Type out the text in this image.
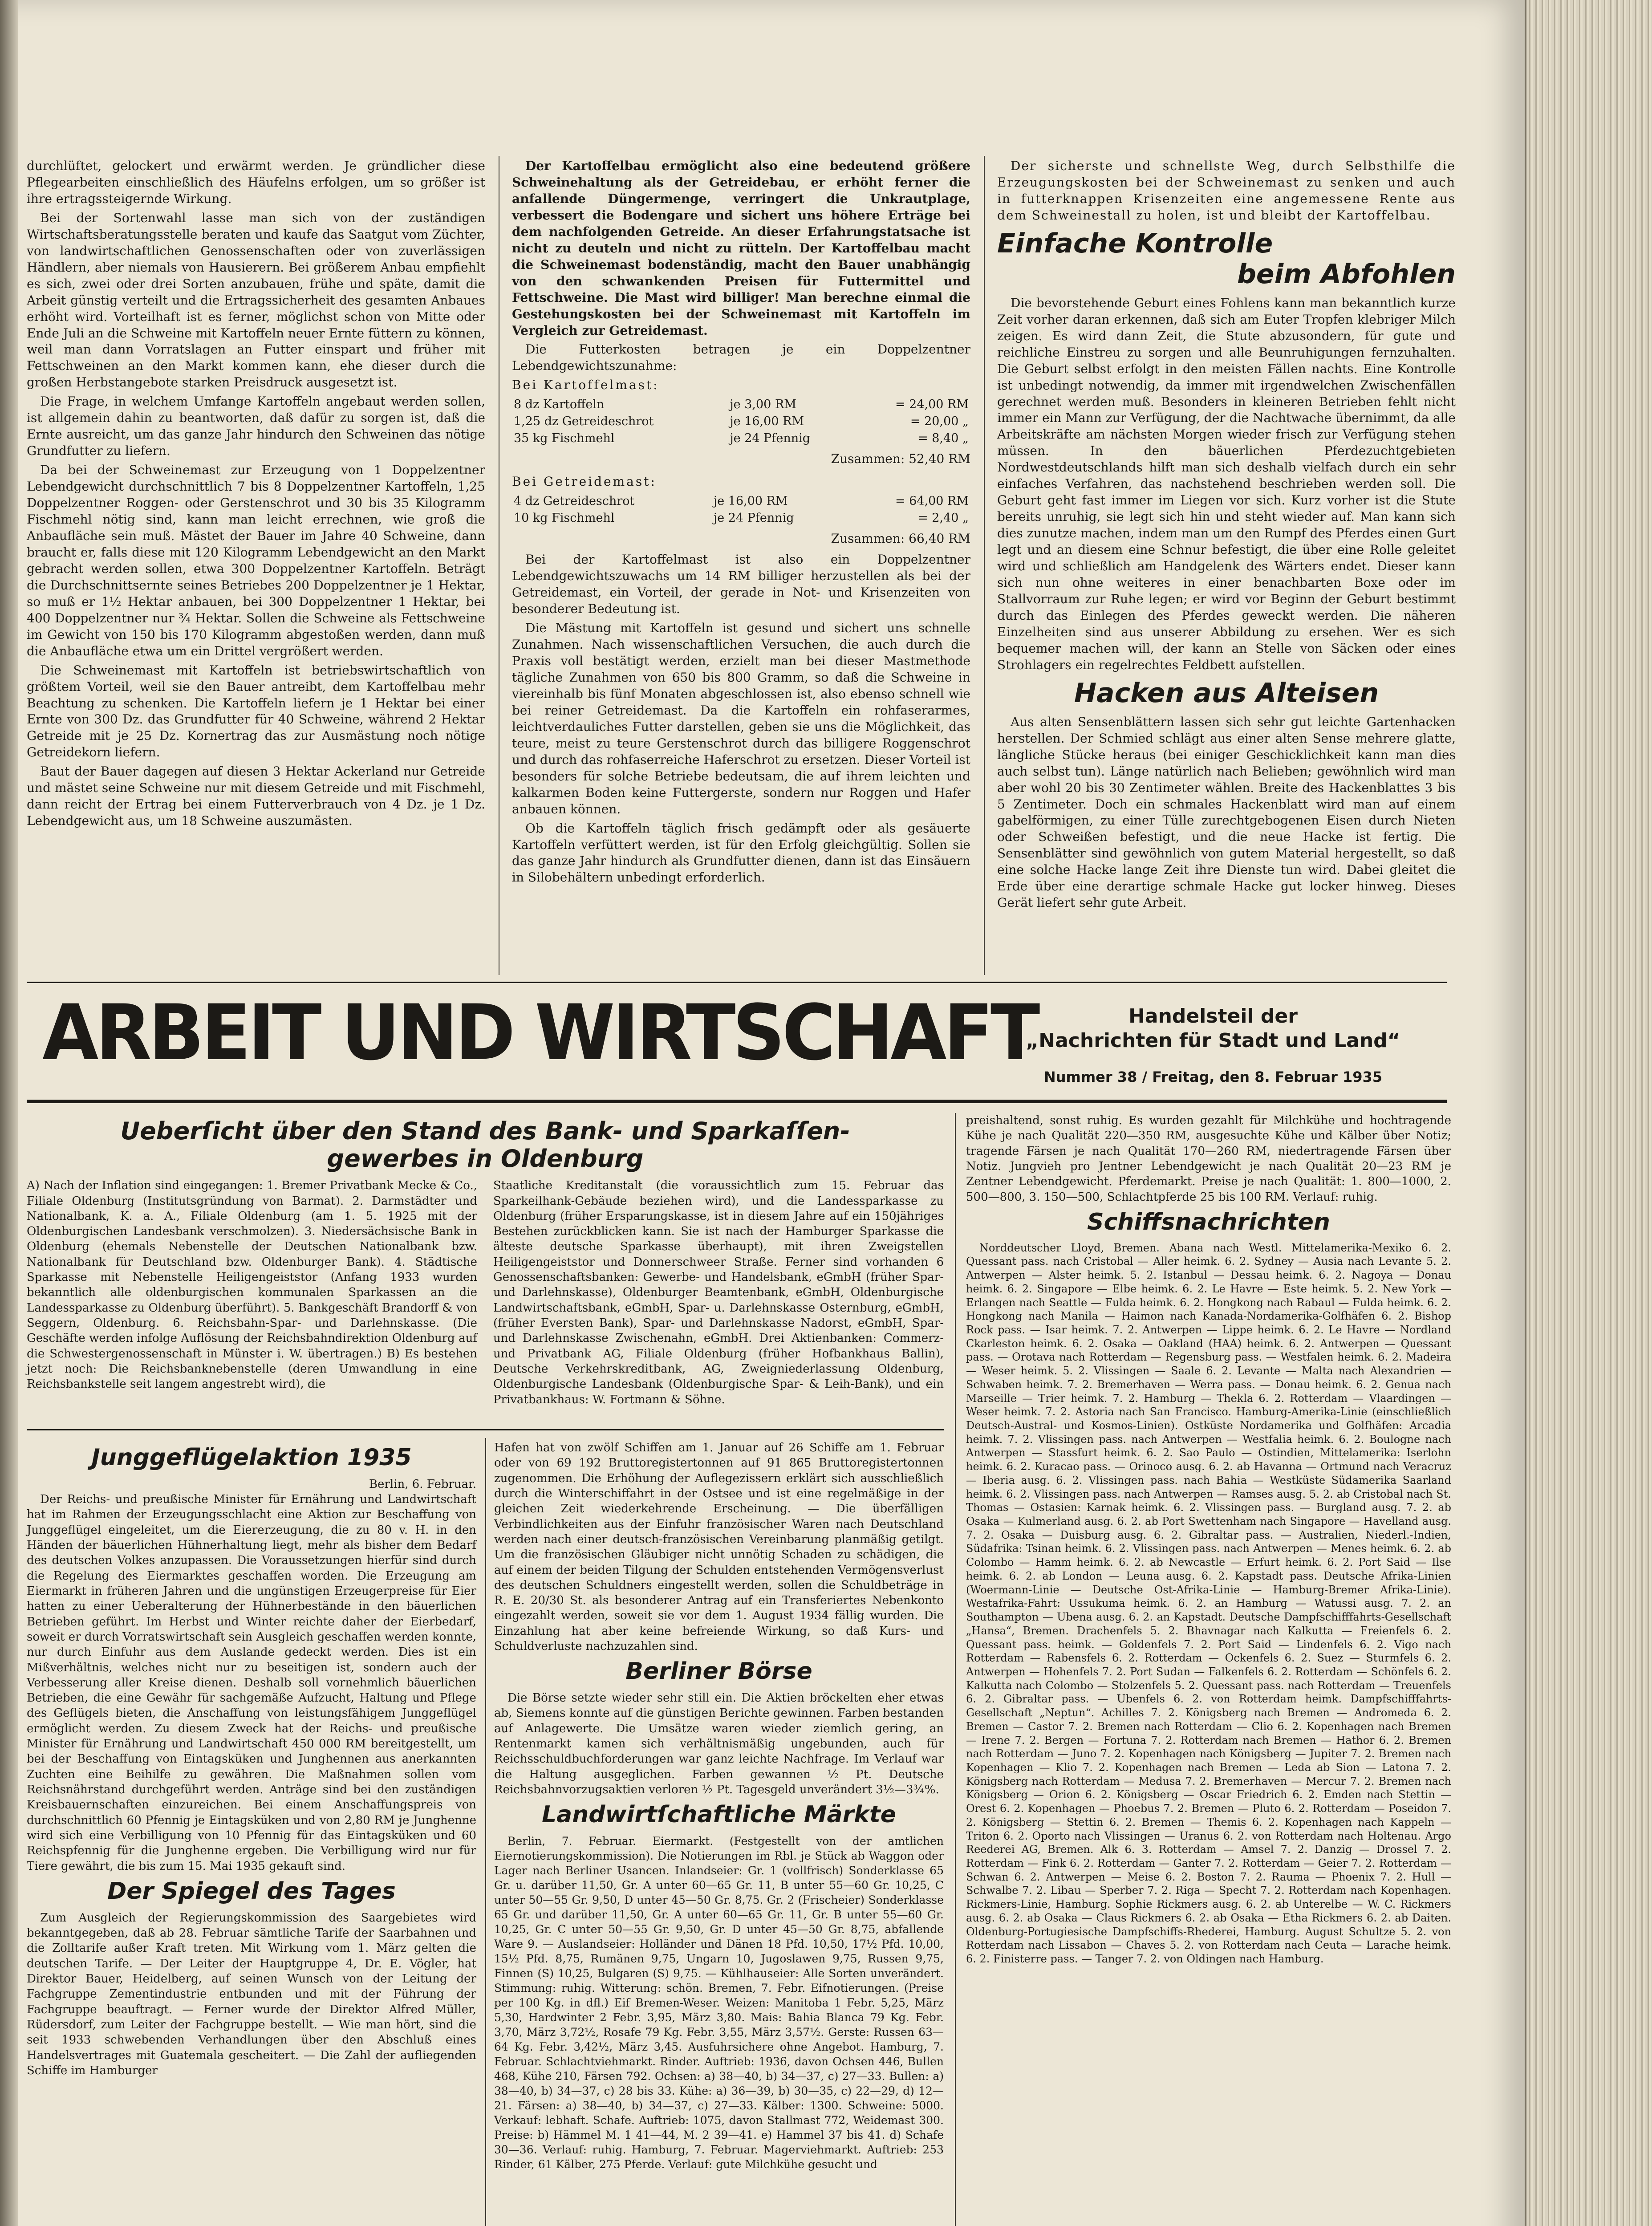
durchlüftet, gelockert und erwärmt werden. Je gründlicher diese Pflegearbeiten einschließlich des Häufelns erfolgen, um so größer ist ihre ertragssteigernde Wirkung.

Bei der Sortenwahl lasse man sich von der zuständigen Wirtschaftsberatungsstelle beraten und kaufe das Saatgut vom Züchter, von landwirtschaftlichen Genossenschaften oder von zuverlässigen Händlern, aber niemals von Hausierern. Bei größerem Anbau empfiehlt es sich, zwei oder drei Sorten anzubauen, frühe und späte, damit die Arbeit günstig verteilt und die Ertragssicherheit des gesamten Anbaues erhöht wird. Vorteilhaft ist es ferner, möglichst schon von Mitte oder Ende Juli an die Schweine mit Kartoffeln neuer Ernte füttern zu können, weil man dann Vorratslagen an Futter einspart und früher mit Fettschweinen an den Markt kommen kann, ehe dieser durch die großen Herbstangebote starken Preisdruck ausgesetzt ist.

Die Frage, in welchem Umfange Kartoffeln angebaut werden sollen, ist allgemein dahin zu beantworten, daß dafür zu sorgen ist, daß die Ernte ausreicht, um das ganze Jahr hindurch den Schweinen das nötige Grundfutter zu liefern.

Da bei der Schweinemast zur Erzeugung von 1 Doppelzentner Lebendgewicht durchschnittlich 7 bis 8 Doppelzentner Kartoffeln, 1,25 Doppelzentner Roggen- oder Gerstenschrot und 30 bis 35 Kilogramm Fischmehl nötig sind, kann man leicht errechnen, wie groß die Anbaufläche sein muß. Mästet der Bauer im Jahre 40 Schweine, dann braucht er, falls diese mit 120 Kilogramm Lebendgewicht an den Markt gebracht werden sollen, etwa 300 Doppelzentner Kartoffeln. Beträgt die Durchschnittsernte seines Betriebes 200 Doppelzentner je 1 Hektar, so muß er 1½ Hektar anbauen, bei 300 Doppelzentner 1 Hektar, bei 400 Doppelzentner nur ¾ Hektar. Sollen die Schweine als Fettschweine im Gewicht von 150 bis 170 Kilogramm abgestoßen werden, dann muß die Anbaufläche etwa um ein Drittel vergrößert werden.

Die Schweinemast mit Kartoffeln ist betriebswirtschaftlich von größtem Vorteil, weil sie den Bauer antreibt, dem Kartoffelbau mehr Beachtung zu schenken. Die Kartoffeln liefern je 1 Hektar bei einer Ernte von 300 Dz. das Grundfutter für 40 Schweine, während 2 Hektar Getreide mit je 25 Dz. Kornertrag das zur Ausmästung noch nötige Getreidekorn liefern.

Baut der Bauer dagegen auf diesen 3 Hektar Ackerland nur Getreide und mästet seine Schweine nur mit diesem Getreide und mit Fischmehl, dann reicht der Ertrag bei einem Futterverbrauch von 4 Dz. je 1 Dz. Lebendgewicht aus, um 18 Schweine auszumästen.

Der Kartoffelbau ermöglicht also eine bedeutend größere Schweinehaltung als der Getreidebau, er erhöht ferner die anfallende Düngermenge, verringert die Unkrautplage, verbessert die Bodengare und sichert uns höhere Erträge bei dem nachfolgenden Getreide. An dieser Erfahrungstatsache ist nicht zu deuteln und nicht zu rütteln. Der Kartoffelbau macht die Schweinemast bodenständig, macht den Bauer unabhängig von den schwankenden Preisen für Futtermittel und Fettschweine. Die Mast wird billiger! Man berechne einmal die Gestehungskosten bei der Schweinemast mit Kartoffeln im Vergleich zur Getreidemast.

Die Futterkosten betragen je ein Doppelzentner Lebendgewichtszunahme:

Bei Kartoffelmast:
8 dz Kartoffeln	je 3,00 RM	= 24,00 RM
1,25 dz Getreideschrot	je 16,00 RM	= 20,00 „
35 kg Fischmehl	je 24 Pfennig	= 8,40 „
Zusammen: 52,40 RM
Bei Getreidemast:
4 dz Getreideschrot	je 16,00 RM	= 64,00 RM
10 kg Fischmehl	je 24 Pfennig	= 2,40 „
Zusammen: 66,40 RM

Bei der Kartoffelmast ist also ein Doppelzentner Lebendgewichtszuwachs um 14 RM billiger herzustellen als bei der Getreidemast, ein Vorteil, der gerade in Not- und Krisenzeiten von besonderer Bedeutung ist.

Die Mästung mit Kartoffeln ist gesund und sichert uns schnelle Zunahmen. Nach wissenschaftlichen Versuchen, die auch durch die Praxis voll bestätigt werden, erzielt man bei dieser Mastmethode tägliche Zunahmen von 650 bis 800 Gramm, so daß die Schweine in viereinhalb bis fünf Monaten abgeschlossen ist, also ebenso schnell wie bei reiner Getreidemast. Da die Kartoffeln ein rohfaserarmes, leichtverdauliches Futter darstellen, geben sie uns die Möglichkeit, das teure, meist zu teure Gerstenschrot durch das billigere Roggenschrot und durch das rohfaserreiche Haferschrot zu ersetzen. Dieser Vorteil ist besonders für solche Betriebe bedeutsam, die auf ihrem leichten und kalkarmen Boden keine Futtergerste, sondern nur Roggen und Hafer anbauen können.

Ob die Kartoffeln täglich frisch gedämpft oder als gesäuerte Kartoffeln verfüttert werden, ist für den Erfolg gleichgültig. Sollen sie das ganze Jahr hindurch als Grundfutter dienen, dann ist das Einsäuern in Silobehältern unbedingt erforderlich.

Der sicherste und schnellste Weg, durch Selbsthilfe die Erzeugungskosten bei der Schweinemast zu senken und auch in futterknappen Krisenzeiten eine angemessene Rente aus dem Schweinestall zu holen, ist und bleibt der Kartoffelbau.

Einfache Kontrolle
beim Abfohlen

Die bevorstehende Geburt eines Fohlens kann man bekanntlich kurze Zeit vorher daran erkennen, daß sich am Euter Tropfen klebriger Milch zeigen. Es wird dann Zeit, die Stute abzusondern, für gute und reichliche Einstreu zu sorgen und alle Beunruhigungen fernzuhalten. Die Geburt selbst erfolgt in den meisten Fällen nachts. Eine Kontrolle ist unbedingt notwendig, da immer mit irgendwelchen Zwischenfällen gerechnet werden muß. Besonders in kleineren Betrieben fehlt nicht immer ein Mann zur Verfügung, der die Nachtwache übernimmt, da alle Arbeitskräfte am nächsten Morgen wieder frisch zur Verfügung stehen müssen. In den bäuerlichen Pferdezuchtgebieten Nordwestdeutschlands hilft man sich deshalb vielfach durch ein sehr einfaches Verfahren, das nachstehend beschrieben werden soll. Die Geburt geht fast immer im Liegen vor sich. Kurz vorher ist die Stute bereits unruhig, sie legt sich hin und steht wieder auf. Man kann sich dies zunutze machen, indem man um den Rumpf des Pferdes einen Gurt legt und an diesem eine Schnur befestigt, die über eine Rolle geleitet wird und schließlich am Handgelenk des Wärters endet. Dieser kann sich nun ohne weiteres in einer benachbarten Boxe oder im Stallvorraum zur Ruhe legen; er wird vor Beginn der Geburt bestimmt durch das Einlegen des Pferdes geweckt werden. Die näheren Einzelheiten sind aus unserer Abbildung zu ersehen. Wer es sich bequemer machen will, der kann an Stelle von Säcken oder eines Strohlagers ein regelrechtes Feldbett aufstellen.

Hacken aus Alteisen

Aus alten Sensenblättern lassen sich sehr gut leichte Gartenhacken herstellen. Der Schmied schlägt aus einer alten Sense mehrere glatte, längliche Stücke heraus (bei einiger Geschicklichkeit kann man dies auch selbst tun). Länge natürlich nach Belieben; gewöhnlich wird man aber wohl 20 bis 30 Zentimeter wählen. Breite des Hackenblattes 3 bis 5 Zentimeter. Doch ein schmales Hackenblatt wird man auf einem gabelförmigen, zu einer Tülle zurechtgebogenen Eisen durch Nieten oder Schweißen befestigt, und die neue Hacke ist fertig. Die Sensenblätter sind gewöhnlich von gutem Material hergestellt, so daß eine solche Hacke lange Zeit ihre Dienste tun wird. Dabei gleitet die Erde über eine derartige schmale Hacke gut locker hinweg. Dieses Gerät liefert sehr gute Arbeit.

ARBEIT UND WIRTSCHAFT	Handelsteil der
„Nachrichten für Stadt und Land“
Nummer 38 / Freitag, den 8. Februar 1935
Ueberſicht über den Stand des Bank- und Sparkaſſen-
gewerbes in Oldenburg

A) Nach der Inflation sind eingegangen: 1. Bremer Privatbank Mecke & Co., Filiale Oldenburg (Institutsgründung von Barmat). 2. Darmstädter und Nationalbank, K. a. A., Filiale Oldenburg (am 1. 5. 1925 mit der Oldenburgischen Landesbank verschmolzen). 3. Niedersächsische Bank in Oldenburg (ehemals Nebenstelle der Deutschen Nationalbank bzw. Nationalbank für Deutschland bzw. Oldenburger Bank). 4. Städtische Sparkasse mit Nebenstelle Heiligengeiststor (Anfang 1933 wurden bekanntlich alle oldenburgischen kommunalen Sparkassen an die Landessparkasse zu Oldenburg überführt). 5. Bankgeschäft Brandorff & von Seggern, Oldenburg. 6. Reichsbahn-Spar- und Darlehnskasse. (Die Geschäfte werden infolge Auflösung der Reichsbahndirektion Oldenburg auf die Schwestergenossenschaft in Münster i. W. übertragen.) B) Es bestehen jetzt noch: Die Reichsbanknebenstelle (deren Umwandlung in eine Reichsbankstelle seit langem angestrebt wird), die

Staatliche Kreditanstalt (die voraussichtlich zum 15. Februar das Sparkeilhank-Gebäude beziehen wird), und die Landessparkasse zu Oldenburg (früher Ersparungskasse, ist in diesem Jahre auf ein 150jähriges Bestehen zurückblicken kann. Sie ist nach der Hamburger Sparkasse die älteste deutsche Sparkasse überhaupt), mit ihren Zweigstellen Heiligengeiststor und Donnerschweer Straße. Ferner sind vorhanden 6 Genossenschaftsbanken: Gewerbe- und Handelsbank, eGmbH (früher Spar- und Darlehnskasse), Oldenburger Beamtenbank, eGmbH, Oldenburgische Landwirtschaftsbank, eGmbH, Spar- u. Darlehnskasse Osternburg, eGmbH, (früher Eversten Bank), Spar- und Darlehnskasse Nadorst, eGmbH, Spar- und Darlehnskasse Zwischenahn, eGmbH. Drei Aktienbanken: Commerz- und Privatbank AG, Filiale Oldenburg (früher Hofbankhaus Ballin), Deutsche Verkehrskreditbank, AG, Zweigniederlassung Oldenburg, Oldenburgische Landesbank (Oldenburgische Spar- & Leih-Bank), und ein Privatbankhaus: W. Fortmann & Söhne.

Junggeflügelaktion 1935
Berlin, 6. Februar.

Der Reichs- und preußische Minister für Ernährung und Landwirtschaft hat im Rahmen der Erzeugungsschlacht eine Aktion zur Beschaffung von Junggeflügel eingeleitet, um die Eiererzeugung, die zu 80 v. H. in den Händen der bäuerlichen Hühnerhaltung liegt, mehr als bisher dem Bedarf des deutschen Volkes anzupassen. Die Voraussetzungen hierfür sind durch die Regelung des Eiermarktes geschaffen worden. Die Erzeugung am Eiermarkt in früheren Jahren und die ungünstigen Erzeugerpreise für Eier hatten zu einer Ueberalterung der Hühnerbestände in den bäuerlichen Betrieben geführt. Im Herbst und Winter reichte daher der Eierbedarf, soweit er durch Vorratswirtschaft sein Ausgleich geschaffen werden konnte, nur durch Einfuhr aus dem Auslande gedeckt werden. Dies ist ein Mißverhältnis, welches nicht nur zu beseitigen ist, sondern auch der Verbesserung aller Kreise dienen. Deshalb soll vornehmlich bäuerlichen Betrieben, die eine Gewähr für sachgemäße Aufzucht, Haltung und Pflege des Geflügels bieten, die Anschaffung von leistungsfähigem Junggeflügel ermöglicht werden. Zu diesem Zweck hat der Reichs- und preußische Minister für Ernährung und Landwirtschaft 450 000 RM bereitgestellt, um bei der Beschaffung von Eintagsküken und Junghennen aus anerkannten Zuchten eine Beihilfe zu gewähren. Die Maßnahmen sollen vom Reichsnährstand durchgeführt werden. Anträge sind bei den zuständigen Kreisbauernschaften einzureichen. Bei einem Anschaffungspreis von durchschnittlich 60 Pfennig je Eintagsküken und von 2,80 RM je Junghenne wird sich eine Verbilligung von 10 Pfennig für das Eintagsküken und 60 Reichspfennig für die Junghenne ergeben. Die Verbilligung wird nur für Tiere gewährt, die bis zum 15. Mai 1935 gekauft sind.

Der Spiegel des Tages

Zum Ausgleich der Regierungskommission des Saargebietes wird bekanntgegeben, daß ab 28. Februar sämtliche Tarife der Saarbahnen und die Zolltarife außer Kraft treten. Mit Wirkung vom 1. März gelten die deutschen Tarife. — Der Leiter der Hauptgruppe 4, Dr. E. Vögler, hat Direktor Bauer, Heidelberg, auf seinen Wunsch von der Leitung der Fachgruppe Zementindustrie entbunden und mit der Führung der Fachgruppe beauftragt. — Ferner wurde der Direktor Alfred Müller, Rüdersdorf, zum Leiter der Fachgruppe bestellt. — Wie man hört, sind die seit 1933 schwebenden Verhandlungen über den Abschluß eines Handelsvertrages mit Guatemala gescheitert. — Die Zahl der aufliegenden Schiffe im Hamburger

Hafen hat von zwölf Schiffen am 1. Januar auf 26 Schiffe am 1. Februar oder von 69 192 Bruttoregistertonnen auf 91 865 Bruttoregistertonnen zugenommen. Die Erhöhung der Auflegezissern erklärt sich ausschließlich durch die Winterschiffahrt in der Ostsee und ist eine regelmäßige in der gleichen Zeit wiederkehrende Erscheinung. — Die überfälligen Verbindlichkeiten aus der Einfuhr französischer Waren nach Deutschland werden nach einer deutsch-französischen Vereinbarung planmäßig getilgt. Um die französischen Gläubiger nicht unnötig Schaden zu schädigen, die auf einem der beiden Tilgung der Schulden entstehenden Vermögensverlust des deutschen Schuldners eingestellt werden, sollen die Schuldbeträge in R. E. 20/30 St. als besonderer Antrag auf ein Transferiertes Nebenkonto eingezahlt werden, soweit sie vor dem 1. August 1934 fällig wurden. Die Einzahlung hat aber keine befreiende Wirkung, so daß Kurs- und Schuldverluste nachzuzahlen sind.

Berliner Börse

Die Börse setzte wieder sehr still ein. Die Aktien bröckelten eher etwas ab, Siemens konnte auf die günstigen Berichte gewinnen. Farben bestanden auf Anlagewerte. Die Umsätze waren wieder ziemlich gering, an Rentenmarkt kamen sich verhältnismäßig ungebunden, auch für Reichsschuldbuchforderungen war ganz leichte Nachfrage. Im Verlauf war die Haltung ausgeglichen. Farben gewannen ½ Pt. Deutsche Reichsbahnvorzugsaktien verloren ½ Pt. Tagesgeld unverändert 3½—3¾%.

Landwirtſchaftliche Märkte

Berlin, 7. Februar. Eiermarkt. (Festgestellt von der amtlichen Eiernotierungskommission). Die Notierungen im Rbl. je Stück ab Waggon oder Lager nach Berliner Usancen. Inlandseier: Gr. 1 (vollfrisch) Sonderklasse 65 Gr. u. darüber 11,50, Gr. A unter 60—65 Gr. 11, B unter 55—60 Gr. 10,25, C unter 50—55 Gr. 9,50, D unter 45—50 Gr. 8,75. Gr. 2 (Frischeier) Sonderklasse 65 Gr. und darüber 11,50, Gr. A unter 60—65 Gr. 11, Gr. B unter 55—60 Gr. 10,25, Gr. C unter 50—55 Gr. 9,50, Gr. D unter 45—50 Gr. 8,75, abfallende Ware 9. — Auslandseier: Holländer und Dänen 18 Pfd. 10,50, 17½ Pfd. 10,00, 15½ Pfd. 8,75, Rumänen 9,75, Ungarn 10, Jugoslawen 9,75, Russen 9,75, Finnen (S) 10,25, Bulgaren (S) 9,75. — Kühlhauseier: Alle Sorten unverändert. Stimmung: ruhig. Witterung: schön. Bremen, 7. Febr. Eifnotierungen. (Preise per 100 Kg. in dfl.) Eif Bremen-Weser. Weizen: Manitoba 1 Febr. 5,25, März 5,30, Hardwinter 2 Febr. 3,95, März 3,80. Mais: Bahia Blanca 79 Kg. Febr. 3,70, März 3,72½, Rosafe 79 Kg. Febr. 3,55, März 3,57½. Gerste: Russen 63—64 Kg. Febr. 3,42½, März 3,45. Ausfuhrsichere ohne Angebot. Hamburg, 7. Februar. Schlachtviehmarkt. Rinder. Auftrieb: 1936, davon Ochsen 446, Bullen 468, Kühe 210, Färsen 792. Ochsen: a) 38—40, b) 34—37, c) 27—33. Bullen: a) 38—40, b) 34—37, c) 28 bis 33. Kühe: a) 36—39, b) 30—35, c) 22—29, d) 12—21. Färsen: a) 38—40, b) 34—37, c) 27—33. Kälber: 1300. Schweine: 5000. Verkauf: lebhaft. Schafe. Auftrieb: 1075, davon Stallmast 772, Weidemast 300. Preise: b) Hämmel M. 1 41—44, M. 2 39—41. e) Hammel 37 bis 41. d) Schafe 30—36. Verlauf: ruhig. Hamburg, 7. Februar. Magerviehmarkt. Auftrieb: 253 Rinder, 61 Kälber, 275 Pferde. Verlauf: gute Milchkühe gesucht und

preishaltend, sonst ruhig. Es wurden gezahlt für Milchkühe und hochtragende Kühe je nach Qualität 220—350 RM, ausgesuchte Kühe und Kälber über Notiz; tragende Färsen je nach Qualität 170—260 RM, niedertragende Färsen über Notiz. Jungvieh pro Jentner Lebendgewicht je nach Qualität 20—23 RM je Zentner Lebendgewicht. Pferdemarkt. Preise je nach Qualität: 1. 800—1000, 2. 500—800, 3. 150—500, Schlachtpferde 25 bis 100 RM. Verlauf: ruhig.

Schiffsnachrichten

Norddeutscher Lloyd, Bremen. Abana nach Westl. Mittelamerika-Mexiko 6. 2. Quessant pass. nach Cristobal — Aller heimk. 6. 2. Sydney — Ausia nach Levante 5. 2. Antwerpen — Alster heimk. 5. 2. Istanbul — Dessau heimk. 6. 2. Nagoya — Donau heimk. 6. 2. Singapore — Elbe heimk. 6. 2. Le Havre — Este heimk. 5. 2. New York — Erlangen nach Seattle — Fulda heimk. 6. 2. Hongkong nach Rabaul — Fulda heimk. 6. 2. Hongkong nach Manila — Haimon nach Kanada-Nordamerika-Golfhäfen 6. 2. Bishop Rock pass. — Isar heimk. 7. 2. Antwerpen — Lippe heimk. 6. 2. Le Havre — Nordland Ckarleston heimk. 6. 2. Osaka — Oakland (HAA) heimk. 6. 2. Antwerpen — Quessant pass. — Orotava nach Rotterdam — Regensburg pass. — Westfalen heimk. 6. 2. Madeira — Weser heimk. 5. 2. Vlissingen — Saale 6. 2. Levante — Malta nach Alexandrien — Schwaben heimk. 7. 2. Bremerhaven — Werra pass. — Donau heimk. 6. 2. Genua nach Marseille — Trier heimk. 7. 2. Hamburg — Thekla 6. 2. Rotterdam — Vlaardingen — Weser heimk. 7. 2. Astoria nach San Francisco. Hamburg-Amerika-Linie (einschließlich Deutsch-Austral- und Kosmos-Linien). Ostküste Nordamerika und Golfhäfen: Arcadia heimk. 7. 2. Vlissingen pass. nach Antwerpen — Westfalia heimk. 6. 2. Boulogne nach Antwerpen — Stassfurt heimk. 6. 2. Sao Paulo — Ostindien, Mittelamerika: Iserlohn heimk. 6. 2. Kuracao pass. — Orinoco ausg. 6. 2. ab Havanna — Ortmund nach Veracruz — Iberia ausg. 6. 2. Vlissingen pass. nach Bahia — Westküste Südamerika Saarland heimk. 6. 2. Vlissingen pass. nach Antwerpen — Ramses ausg. 5. 2. ab Cristobal nach St. Thomas — Ostasien: Karnak heimk. 6. 2. Vlissingen pass. — Burgland ausg. 7. 2. ab Osaka — Kulmerland ausg. 6. 2. ab Port Swettenham nach Singapore — Havelland ausg. 7. 2. Osaka — Duisburg ausg. 6. 2. Gibraltar pass. — Australien, Niederl.-Indien, Südafrika: Tsinan heimk. 6. 2. Vlissingen pass. nach Antwerpen — Menes heimk. 6. 2. ab Colombo — Hamm heimk. 6. 2. ab Newcastle — Erfurt heimk. 6. 2. Port Said — Ilse heimk. 6. 2. ab London — Leuna ausg. 6. 2. Kapstadt pass. Deutsche Afrika-Linien (Woermann-Linie — Deutsche Ost-Afrika-Linie — Hamburg-Bremer Afrika-Linie). Westafrika-Fahrt: Ussukuma heimk. 6. 2. an Hamburg — Watussi ausg. 7. 2. an Southampton — Ubena ausg. 6. 2. an Kapstadt. Deutsche Dampfschifffahrts-Gesellschaft „Hansa“, Bremen. Drachenfels 5. 2. Bhavnagar nach Kalkutta — Freienfels 6. 2. Quessant pass. heimk. — Goldenfels 7. 2. Port Said — Lindenfels 6. 2. Vigo nach Rotterdam — Rabensfels 6. 2. Rotterdam — Ockenfels 6. 2. Suez — Sturmfels 6. 2. Antwerpen — Hohenfels 7. 2. Port Sudan — Falkenfels 6. 2. Rotterdam — Schönfels 6. 2. Kalkutta nach Colombo — Stolzenfels 5. 2. Quessant pass. nach Rotterdam — Treuenfels 6. 2. Gibraltar pass. — Ubenfels 6. 2. von Rotterdam heimk. Dampfschifffahrts-Gesellschaft „Neptun“. Achilles 7. 2. Königsberg nach Bremen — Andromeda 6. 2. Bremen — Castor 7. 2. Bremen nach Rotterdam — Clio 6. 2. Kopenhagen nach Bremen — Irene 7. 2. Bergen — Fortuna 7. 2. Rotterdam nach Bremen — Hathor 6. 2. Bremen nach Rotterdam — Juno 7. 2. Kopenhagen nach Königsberg — Jupiter 7. 2. Bremen nach Kopenhagen — Klio 7. 2. Kopenhagen nach Bremen — Leda ab Sion — Latona 7. 2. Königsberg nach Rotterdam — Medusa 7. 2. Bremerhaven — Mercur 7. 2. Bremen nach Königsberg — Orion 6. 2. Königsberg — Oscar Friedrich 6. 2. Emden nach Stettin — Orest 6. 2. Kopenhagen — Phoebus 7. 2. Bremen — Pluto 6. 2. Rotterdam — Poseidon 7. 2. Königsberg — Stettin 6. 2. Bremen — Themis 6. 2. Kopenhagen nach Kappeln — Triton 6. 2. Oporto nach Vlissingen — Uranus 6. 2. von Rotterdam nach Holtenau. Argo Reederei AG, Bremen. Alk 6. 3. Rotterdam — Amsel 7. 2. Danzig — Drossel 7. 2. Rotterdam — Fink 6. 2. Rotterdam — Ganter 7. 2. Rotterdam — Geier 7. 2. Rotterdam — Schwan 6. 2. Antwerpen — Meise 6. 2. Boston 7. 2. Rauma — Phoenix 7. 2. Hull — Schwalbe 7. 2. Libau — Sperber 7. 2. Riga — Specht 7. 2. Rotterdam nach Kopenhagen. Rickmers-Linie, Hamburg. Sophie Rickmers ausg. 6. 2. ab Unterelbe — W. C. Rickmers ausg. 6. 2. ab Osaka — Claus Rickmers 6. 2. ab Osaka — Etha Rickmers 6. 2. ab Daiten. Oldenburg-Portugiesische Dampfschiffs-Rhederei, Hamburg. August Schultze 5. 2. von Rotterdam nach Lissabon — Chaves 5. 2. von Rotterdam nach Ceuta — Larache heimk. 6. 2. Finisterre pass. — Tanger 7. 2. von Oldingen nach Hamburg.
